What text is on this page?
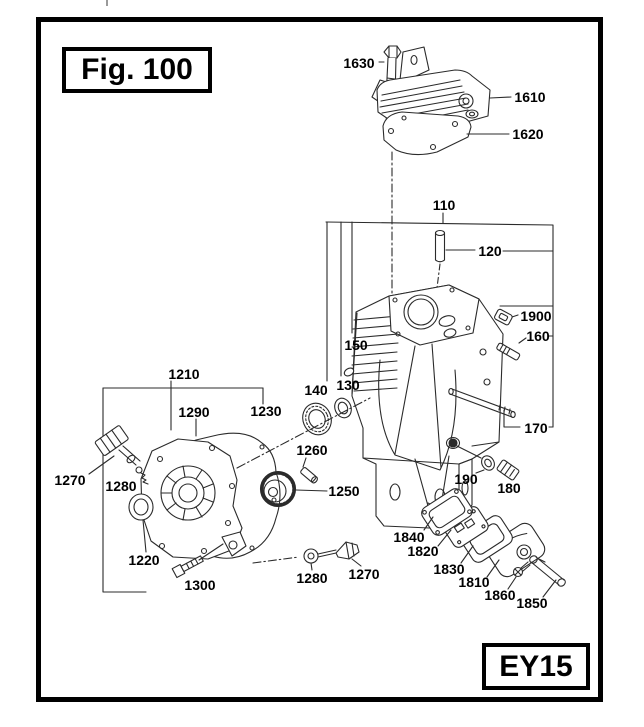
Fig. 100
EY15
1630
1610
1620
110
120
1900
160
150
130
140
1210
1290	1230
1260
1270 1280	1250
170
190
180
1220
1300	1280 1270
1840
1820
1830
1810
1860 1850
